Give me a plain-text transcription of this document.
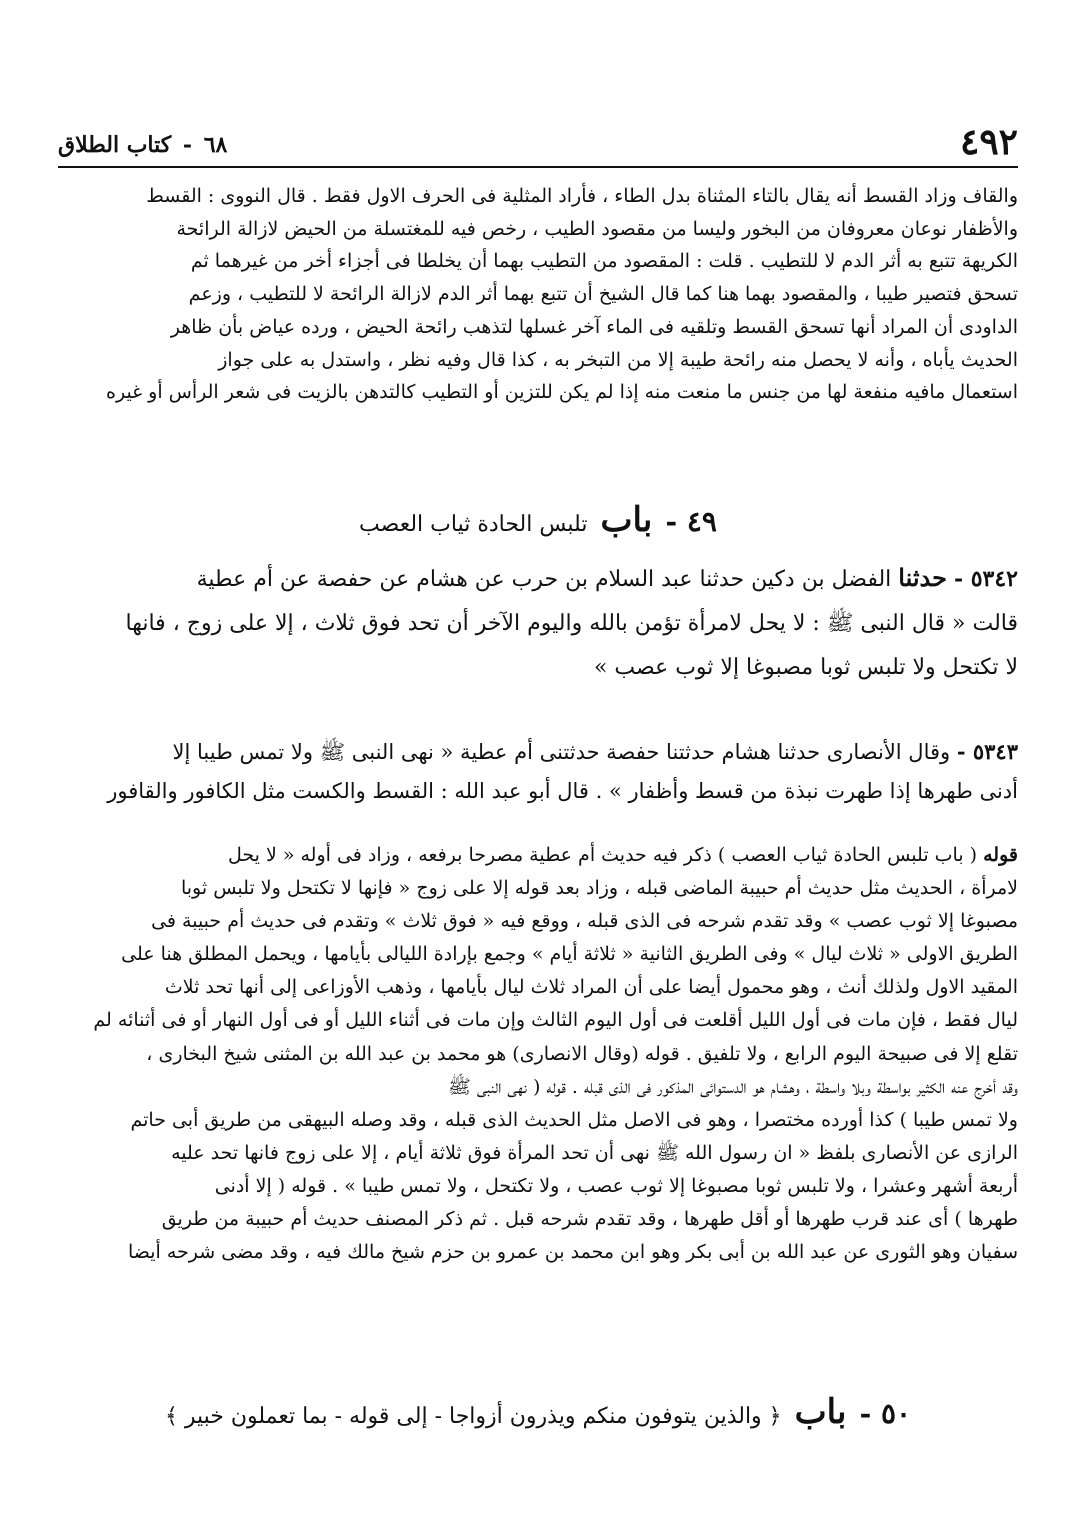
٤٩٢
٦٨ - كتاب الطلاق
والقاف وزاد القسط أنه يقال بالتاء المثناة بدل الطاء ، فأراد المثلية فى الحرف الاول فقط . قال النووى : القسط
والأظفار نوعان معروفان من البخور وليسا من مقصود الطيب ، رخص فيه للمغتسلة من الحيض لازالة الرائحة
الكريهة تتبع به أثر الدم لا للتطيب . قلت : المقصود من التطيب بهما أن يخلطا فى أجزاء أخر من غيرهما ثم
تسحق فتصير طيبا ، والمقصود بهما هنا كما قال الشيخ أن تتبع بهما أثر الدم لازالة الرائحة لا للتطيب ، وزعم
الداودى أن المراد أنها تسحق القسط وتلقيه فى الماء آخر غسلها لتذهب رائحة الحيض ، ورده عياض بأن ظاهر
الحديث يأباه ، وأنه لا يحصل منه رائحة طيبة إلا من التبخر به ، كذا قال وفيه نظر ، واستدل به على جواز
استعمال مافيه منفعة لها من جنس ما منعت منه إذا لم يكن للتزين أو التطيب كالتدهن بالزيت فى شعر الرأس أو غيره
٤٩ - باب تلبس الحادة ثياب العصب
٥٣٤٢ - حدثنا الفضل بن دكين حدثنا عبد السلام بن حرب عن هشام عن حفصة عن أم عطية
قالت « قال النبى ﷺ : لا يحل لامرأة تؤمن بالله واليوم الآخر أن تحد فوق ثلاث ، إلا على زوج ، فانها
لا تكتحل ولا تلبس ثوبا مصبوغا إلا ثوب عصب »
٥٣٤٣ - وقال الأنصارى حدثنا هشام حدثتنا حفصة حدثتنى أم عطية « نهى النبى ﷺ ولا تمس طيبا إلا
أدنى طهرها إذا طهرت نبذة من قسط وأظفار » . قال أبو عبد الله : القسط والكست مثل الكافور والقافور
قوله ( باب تلبس الحادة ثياب العصب ) ذكر فيه حديث أم عطية مصرحا برفعه ، وزاد فى أوله « لا يحل
لامرأة ، الحديث مثل حديث أم حبيبة الماضى قبله ، وزاد بعد قوله إلا على زوج « فإنها لا تكتحل ولا تلبس ثوبا
مصبوغا إلا ثوب عصب » وقد تقدم شرحه فى الذى قبله ، ووقع فيه « فوق ثلاث » وتقدم فى حديث أم حبيبة فى
الطريق الاولى « ثلاث ليال » وفى الطريق الثانية « ثلاثة أيام » وجمع بإرادة الليالى بأيامها ، ويحمل المطلق هنا على
المقيد الاول ولذلك أنث ، وهو محمول أيضا على أن المراد ثلاث ليال بأيامها ، وذهب الأوزاعى إلى أنها تحد ثلاث
ليال فقط ، فإن مات فى أول الليل أقلعت فى أول اليوم الثالث وإن مات فى أثناء الليل أو فى أول النهار أو فى أثنائه لم
تقلع إلا فى صبيحة اليوم الرابع ، ولا تلفيق . قوله (وقال الانصارى) هو محمد بن عبد الله بن المثنى شيخ البخارى ،
وقد أخرج عنه الكثير بواسطة وبلا واسطة ، وهشام هو الدستوائى المذكور فى الذى قبله . قوله ( نهى النبى ﷺ
ولا تمس طيبا ) كذا أورده مختصرا ، وهو فى الاصل مثل الحديث الذى قبله ، وقد وصله البيهقى من طريق أبى حاتم
الرازى عن الأنصارى بلفظ « ان رسول الله ﷺ نهى أن تحد المرأة فوق ثلاثة أيام ، إلا على زوج فانها تحد عليه
أربعة أشهر وعشرا ، ولا تلبس ثوبا مصبوغا إلا ثوب عصب ، ولا تكتحل ، ولا تمس طيبا » . قوله ( إلا أدنى
طهرها ) أى عند قرب طهرها أو أقل طهرها ، وقد تقدم شرحه قبل . ثم ذكر المصنف حديث أم حبيبة من طريق
سفيان وهو الثورى عن عبد الله بن أبى بكر وهو ابن محمد بن عمرو بن حزم شيخ مالك فيه ، وقد مضى شرحه أيضا
٥٠ - باب ﴿ والذين يتوفون منكم ويذرون أزواجا - إلى قوله - بما تعملون خبير ﴾
